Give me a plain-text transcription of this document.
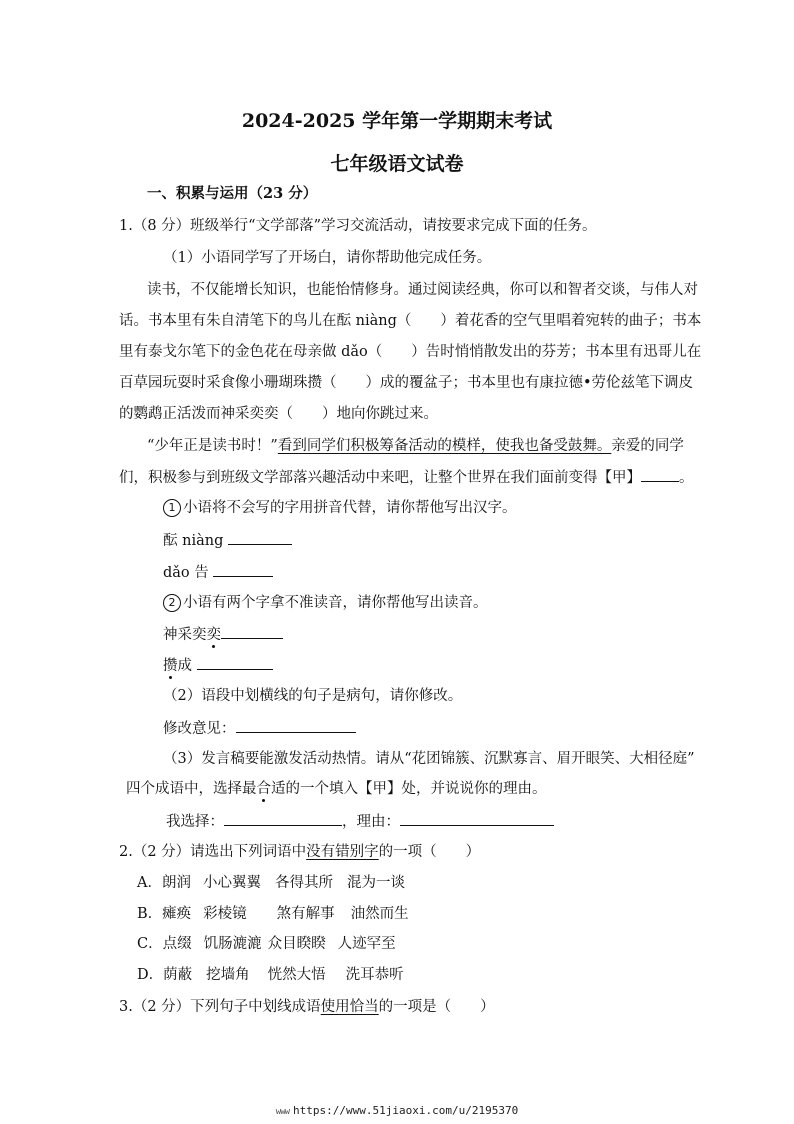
2024-2025 学年第一学期期末考试
七年级语文试卷
一、积累与运用（23 分）
1.（8 分）班级举行“文学部落”学习交流活动，请按要求完成下面的任务。
（1）小语同学写了开场白，请你帮助他完成任务。
读书，不仅能增长知识，也能怡情修身。通过阅读经典，你可以和智者交谈，与伟人对
话。书本里有朱自清笔下的鸟儿在酝 niàng（　　）着花香的空气里唱着宛转的曲子；书本
里有泰戈尔笔下的金色花在母亲做 dǎo（　　）告时悄悄散发出的芬芳；书本里有迅哥儿在
百草园玩耍时采食像小珊瑚珠攒（　　）成的覆盆子；书本里也有康拉德•劳伦兹笔下调皮
的鹦鹉正活泼而神采奕奕（　　）地向你跳过来。
“少年正是读书时！”看到同学们积极筹备活动的模样，使我也备受鼓舞。亲爱的同学
们，积极参与到班级文学部落兴趣活动中来吧，让整个世界在我们面前变得【甲】	。
1 小语将不会写的字用拼音代替，请你帮他写出汉字。
酝 niàng
dǎo 告
2 小语有两个字拿不准读音，请你帮他写出读音。
神采奕奕
攒成
（2）语段中划横线的句子是病句，请你修改。
修改意见：
（3）发言稿要能激发活动热情。请从“花团锦簇、沉默寡言、眉开眼笑、大相径庭”
四个成语中，选择最合适的一个填入【甲】处，并说说你的理由。
我选择：	，理由：
2.（2 分）请选出下列词语中没有错别字的一项（　　）
A．朗润 小心翼翼 各得其所 混为一谈
B．瘫痪 彩棱镜 煞有解事 油然而生
C．点缀 饥肠漉漉 众目睽睽 人迹罕至
D．荫蔽 挖墙角 恍然大悟 洗耳恭听
3.（2 分）下列句子中划线成语使用恰当的一项是（　　）
www https://www.51jiaoxi.com/u/2195370
